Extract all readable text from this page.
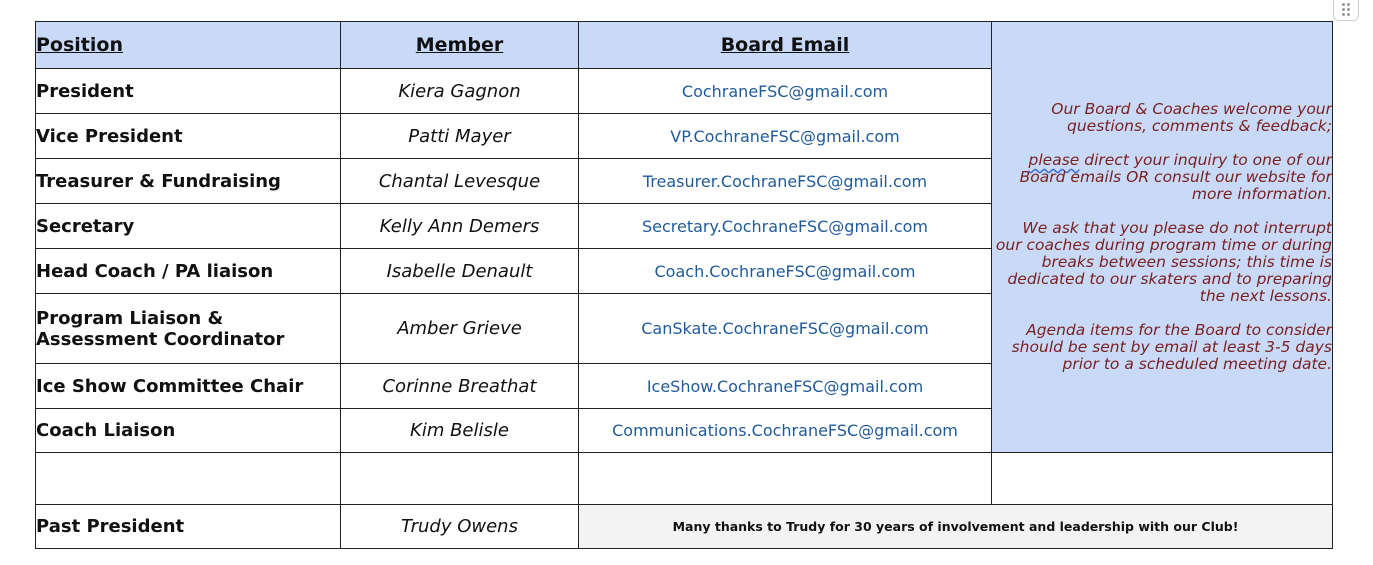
Position	Member	Board Email	Our Board & Coaches welcome your
questions, comments & feedback;

please direct your inquiry to one of our Board emails OR consult our website for more information.

We ask that you please do not interrupt our coaches during program time or during breaks between sessions; this time is dedicated to our skaters and to preparing the next lessons.

Agenda items for the Board to consider should be sent by email at least 3-5 days prior to a scheduled meeting date.

President	Kiera Gagnon	CochraneFSC@gmail.com	
Vice President	Patti Mayer	VP.CochraneFSC@gmail.com	
Treasurer & Fundraising	Chantal Levesque	Treasurer.CochraneFSC@gmail.com	
Secretary	Kelly Ann Demers	Secretary.CochraneFSC@gmail.com	
Head Coach / PA liaison	Isabelle Denault	Coach.CochraneFSC@gmail.com	
Program Liaison &
Assessment Coordinator	Amber Grieve	CanSkate.CochraneFSC@gmail.com	
Ice Show Committee Chair	Corinne Breathat	IceShow.CochraneFSC@gmail.com	
Coach Liaison	Kim Belisle	Communications.CochraneFSC@gmail.com	

Past President	Trudy Owens	Many thanks to Trudy for 30 years of involvement and leadership with our Club!	
